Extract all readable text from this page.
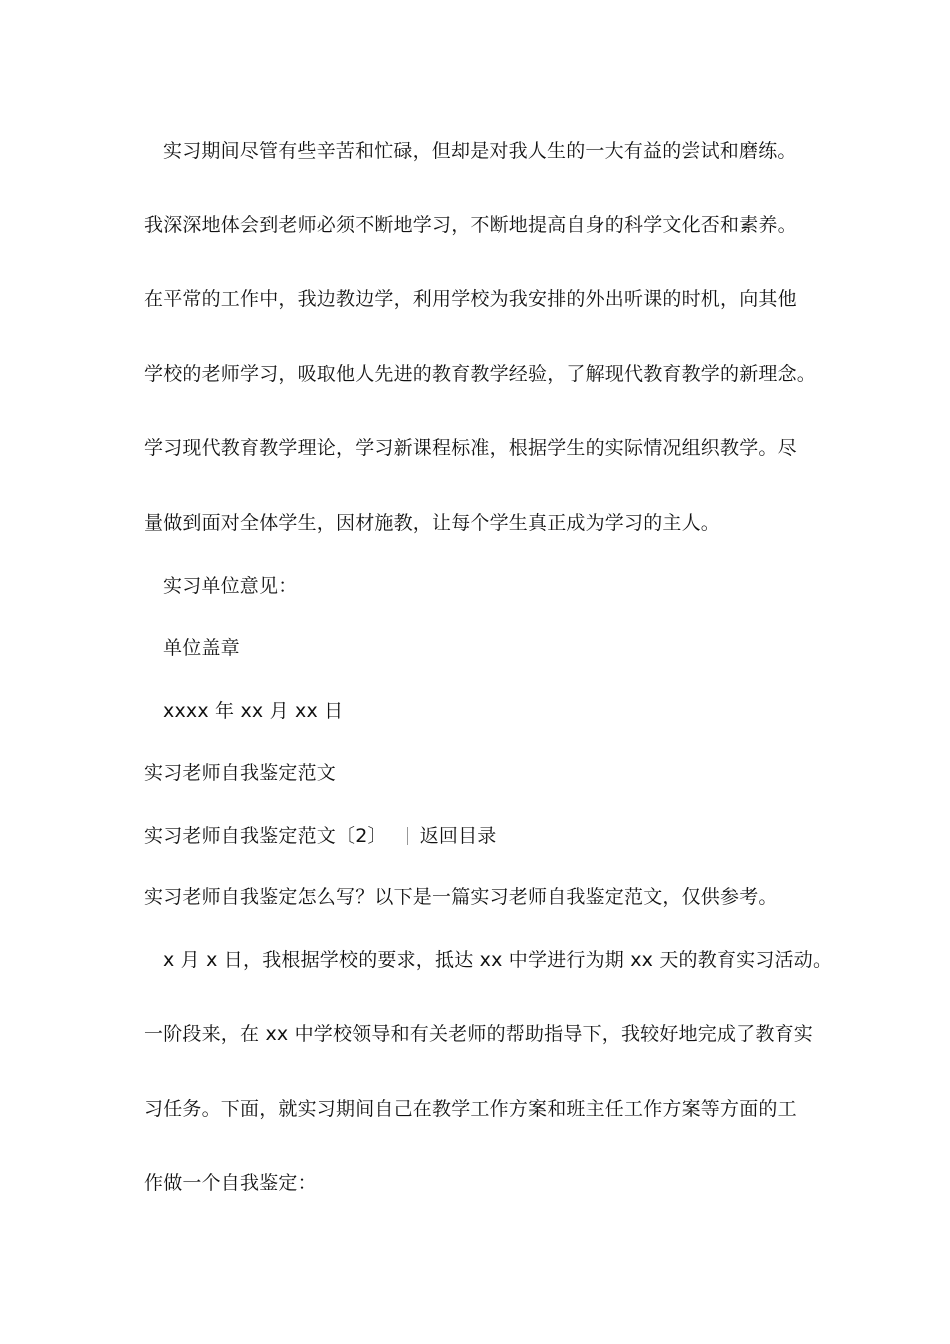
实习期间尽管有些辛苦和忙碌，但却是对我人生的一大有益的尝试和磨练。
我深深地体会到老师必须不断地学习，不断地提高自身的科学文化否和素养。
在平常的工作中，我边教边学，利用学校为我安排的外出听课的时机，向其他
学校的老师学习，吸取他人先进的教育教学经验，了解现代教育教学的新理念。
学习现代教育教学理论，学习新课程标准，根据学生的实际情况组织教学。尽
量做到面对全体学生，因材施教，让每个学生真正成为学习的主人。
实习单位意见：
单位盖章
xxxx 年 xx 月 xx 日
实习老师自我鉴定范文
实习老师自我鉴定范文〔2〕 返回目录
实习老师自我鉴定怎么写？以下是一篇实习老师自我鉴定范文，仅供参考。
x 月 x 日，我根据学校的要求，抵达 xx 中学进行为期 xx 天的教育实习活动。
一阶段来，在 xx 中学校领导和有关老师的帮助指导下，我较好地完成了教育实
习任务。下面，就实习期间自己在教学工作方案和班主任工作方案等方面的工
作做一个自我鉴定：
